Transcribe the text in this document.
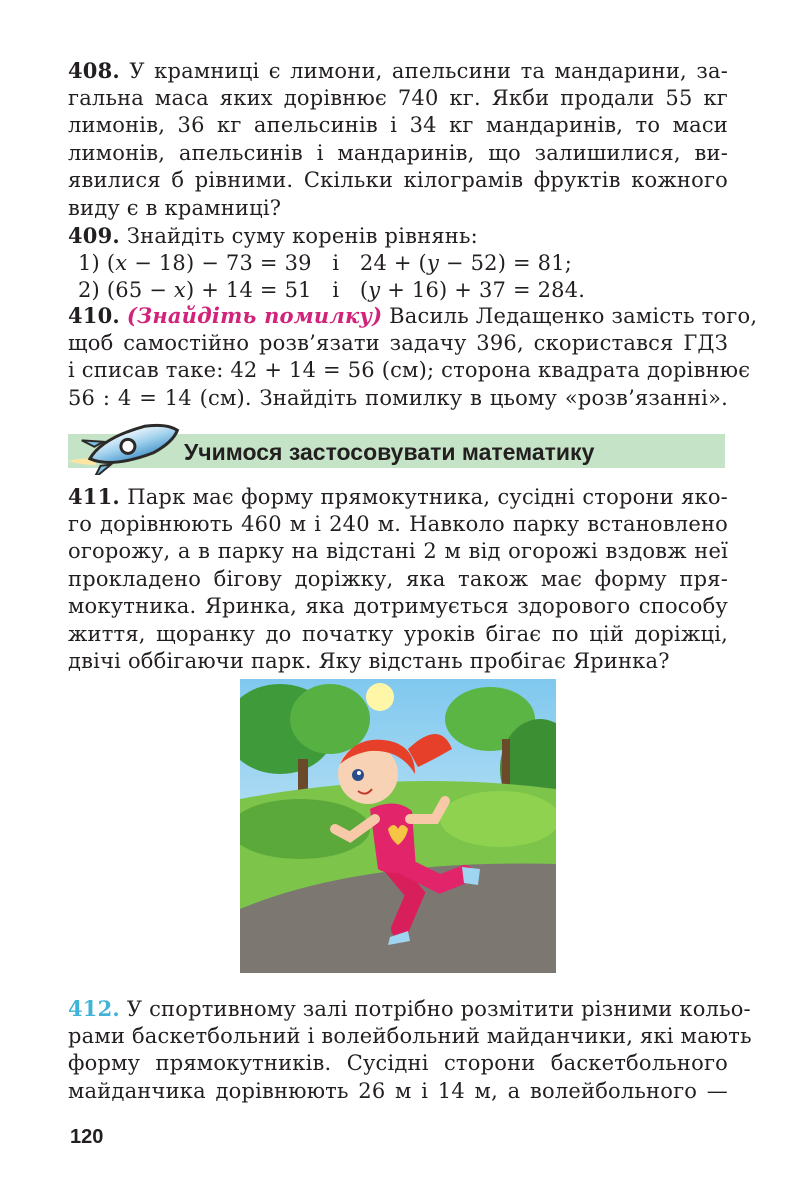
408. У крамниці є лимони, апельсини та мандарини, за-
гальна маса яких дорівнює 740 кг. Якби продали 55 кг
лимонів, 36 кг апельсинів і 34 кг мандаринів, то маси
лимонів, апельсинів і мандаринів, що залишилися, ви-
явилися б рівними. Скільки кілограмів фруктів кожного
виду є в крамниці?
409. Знайдіть суму коренів рівнянь:
1) (x − 18) − 73 = 39   і   24 + (y − 52) = 81;
2) (65 − x) + 14 = 51   і   (y + 16) + 37 = 284.
410. (Знайдіть помилку) Василь Ледащенко замість того,
щоб самостійно розв’язати задачу 396, скористався ГДЗ
і списав таке: 42 + 14 = 56 (см); сторона квадрата дорівнює
56 : 4 = 14 (см). Знайдіть помилку в цьому «розв’язанні».
Учимося застосовувати математику
411. Парк має форму прямокутника, сусідні сторони яко-
го дорівнюють 460 м і 240 м. Навколо парку встановлено
огорожу, а в парку на відстані 2 м від огорожі вздовж неї
прокладено бігову доріжку, яка також має форму пря-
мокутника. Яринка, яка дотримується здорового способу
життя, щоранку до початку уроків бігає по цій доріжці,
двічі оббігаючи парк. Яку відстань пробігає Яринка?
412. У спортивному залі потрібно розмітити різними кольо-
рами баскетбольний і волейбольний майданчики, які мають
форму прямокутників. Сусідні сторони баскетбольного
майданчика дорівнюють 26 м і 14 м, а волейбольного —
120
